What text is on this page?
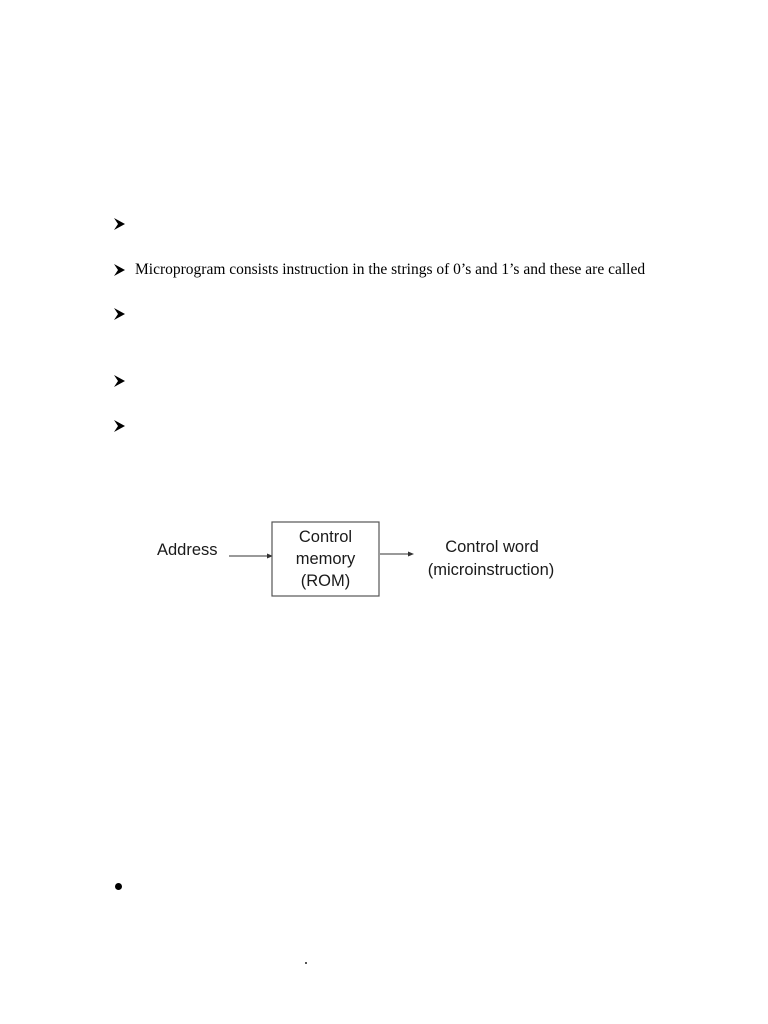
Microprogram consists instruction in the strings of 0’s and 1’s and these are called
Address
Control
memory
(ROM)
Control word
(microinstruction)
